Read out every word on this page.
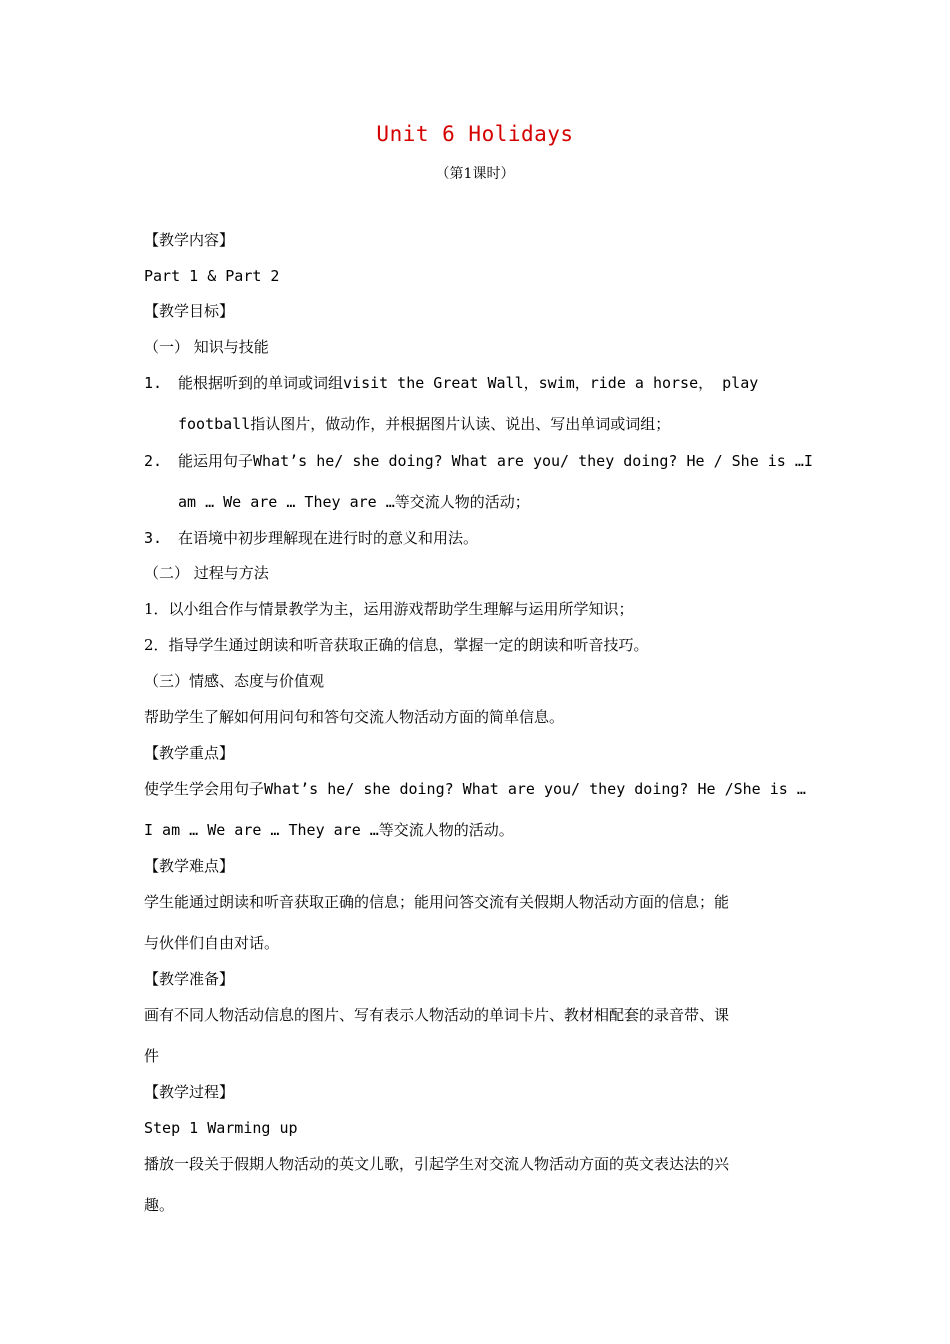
Unit 6 Holidays
（第1课时）
【教学内容】
Part 1 & Part 2
【教学目标】
（一） 知识与技能
1. 能根据听到的单词或词组visit the Great Wall，swim，ride a horse， play
football指认图片，做动作，并根据图片认读、说出、写出单词或词组；
2. 能运用句子What’s he/ she doing? What are you/ they doing? He / She is …I
am … We are … They are …等交流人物的活动；
3. 在语境中初步理解现在进行时的意义和用法。
（二） 过程与方法
1．以小组合作与情景教学为主，运用游戏帮助学生理解与运用所学知识；
2．指导学生通过朗读和听音获取正确的信息，掌握一定的朗读和听音技巧。
（三）情感、态度与价值观
帮助学生了解如何用问句和答句交流人物活动方面的简单信息。
【教学重点】
使学生学会用句子What’s he/ she doing? What are you/ they doing? He /She is …
I am … We are … They are …等交流人物的活动。
【教学难点】
学生能通过朗读和听音获取正确的信息；能用问答交流有关假期人物活动方面的信息；能
与伙伴们自由对话。
【教学准备】
画有不同人物活动信息的图片、写有表示人物活动的单词卡片、教材相配套的录音带、课
件
【教学过程】
Step 1 Warming up
播放一段关于假期人物活动的英文儿歌，引起学生对交流人物活动方面的英文表达法的兴
趣。
